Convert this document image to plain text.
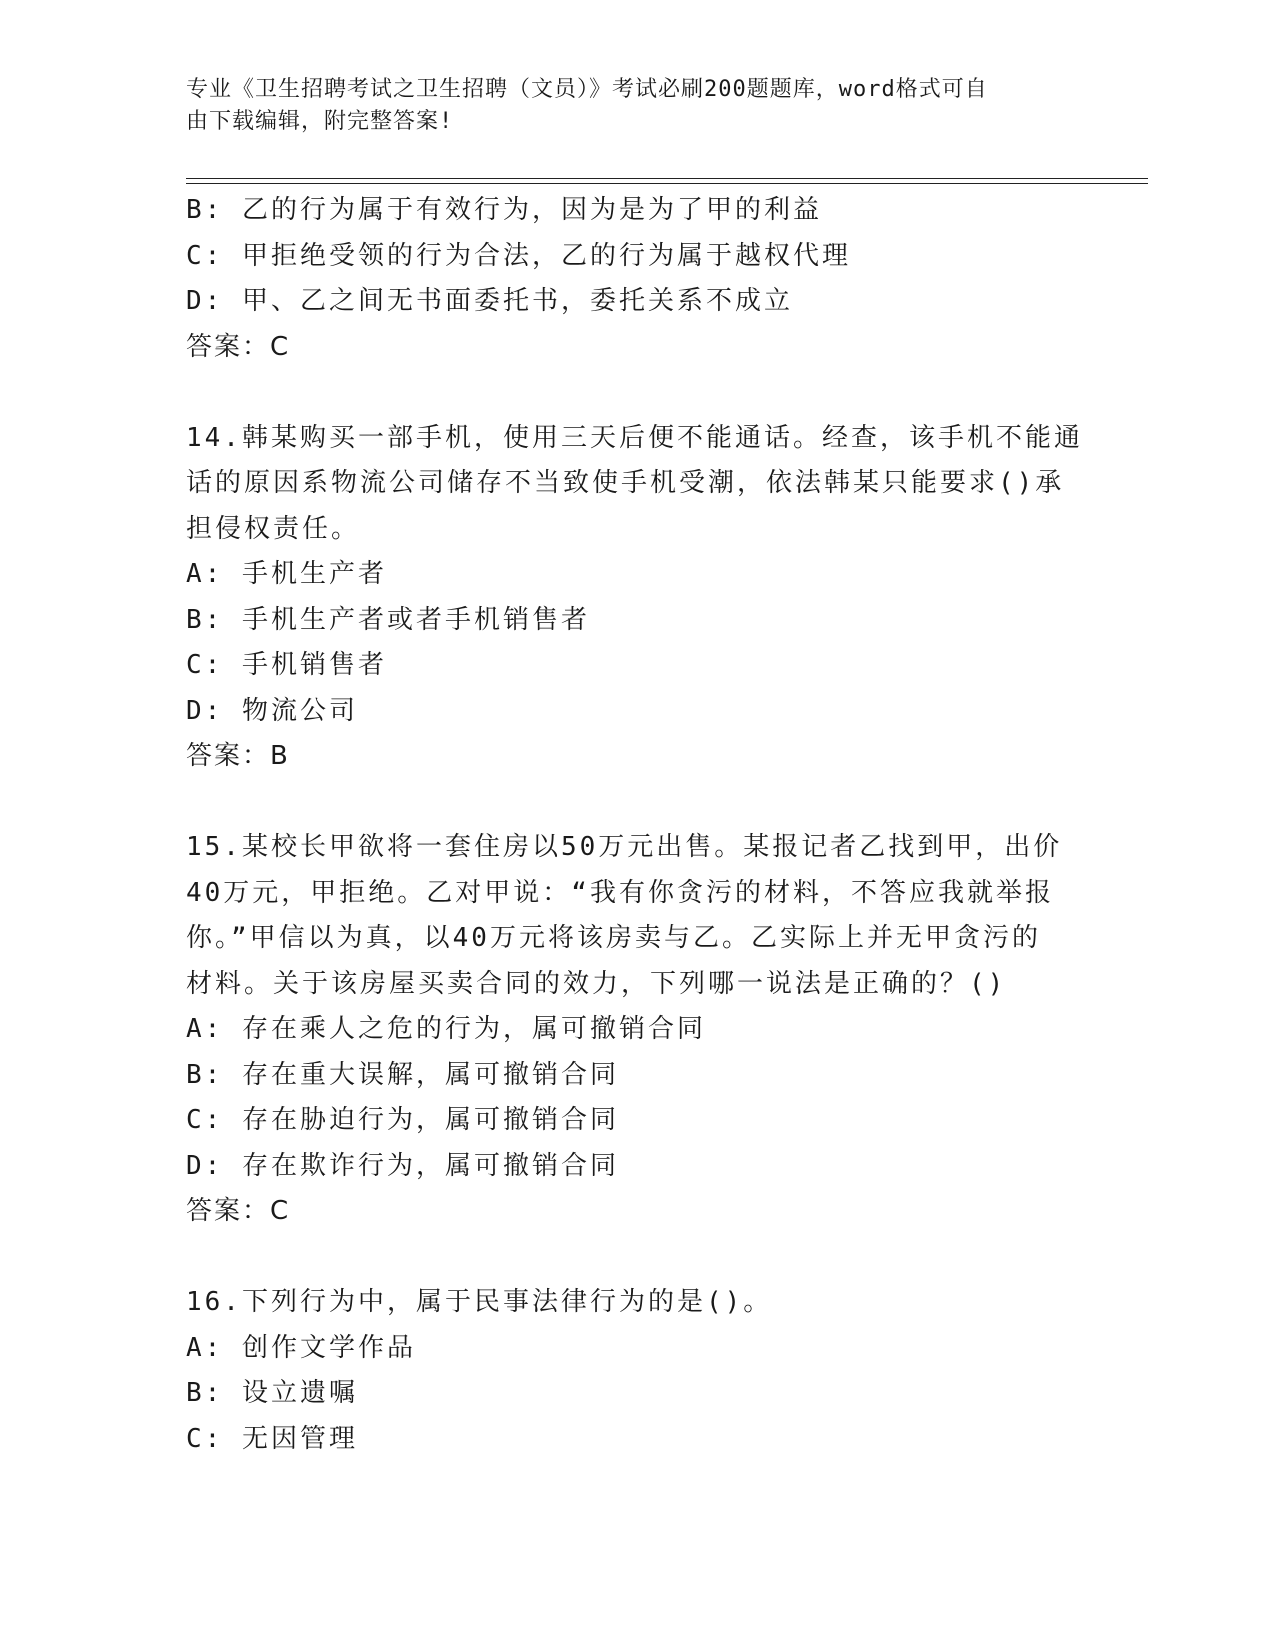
专业《卫生招聘考试之卫生招聘（文员）》考试必刷200题题库，word格式可自
由下载编辑，附完整答案!
B: 乙的行为属于有效行为，因为是为了甲的利益
C: 甲拒绝受领的行为合法，乙的行为属于越权代理
D: 甲、乙之间无书面委托书，委托关系不成立
答案：C
14.韩某购买一部手机，使用三天后便不能通话。经查，该手机不能通
话的原因系物流公司储存不当致使手机受潮，依法韩某只能要求()承
担侵权责任。
A: 手机生产者
B: 手机生产者或者手机销售者
C: 手机销售者
D: 物流公司
答案：B
15.某校长甲欲将一套住房以50万元出售。某报记者乙找到甲，出价
40万元，甲拒绝。乙对甲说：“我有你贪污的材料，不答应我就举报
你。”甲信以为真，以40万元将该房卖与乙。乙实际上并无甲贪污的
材料。关于该房屋买卖合同的效力，下列哪一说法是正确的？()
A: 存在乘人之危的行为，属可撤销合同
B: 存在重大误解，属可撤销合同
C: 存在胁迫行为，属可撤销合同
D: 存在欺诈行为，属可撤销合同
答案：C
16.下列行为中，属于民事法律行为的是()。
A: 创作文学作品
B: 设立遗嘱
C: 无因管理
